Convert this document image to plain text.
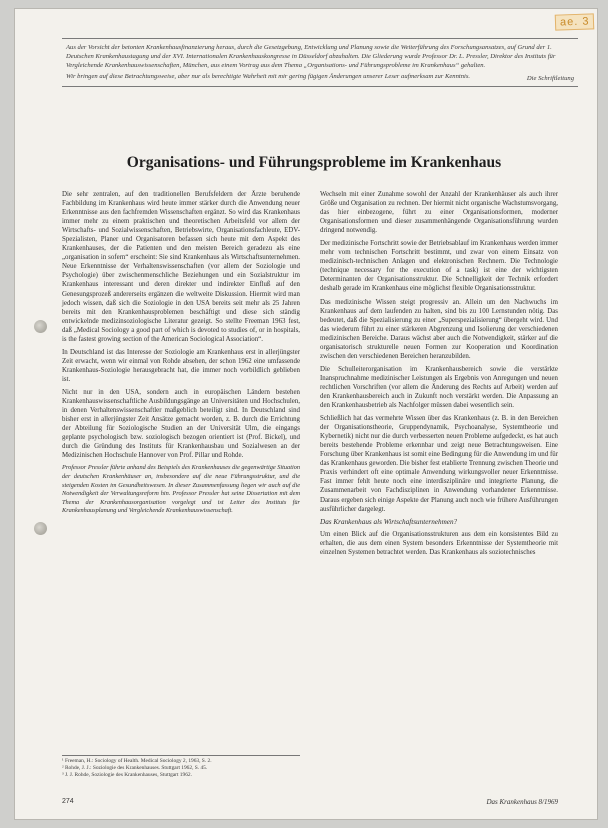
ae. 3

Aus der Vorsicht der betonten Krankenhausfinanzierung heraus, durch die Gesetzgebung, Entwicklung und Planung sowie die Weiterführung des Forschungsansatzes, auf Grund der 1. Deutschen Krankenhaustagung und der XVI. Internationalen Krankenhauskongresse in Düsseldorf abzuhalten. Die Gliederung wurde Professor Dr. L. Pressler, Direktor des Instituts für Vergleichende Krankenhauswissenschaften, München, aus einem Vortrag aus dem Thema „Organisations- und Führungsprobleme im Krankenhaus“ gehalten.

Wir bringen auf diese Betrachtungsweise, aber nur als berechtigte Wahrheit mit mir gering fügigen Änderungen unserer Leser aufmerksam zur Kenntnis.	Die Schriftleitung
Organisations- und Führungsprobleme im Krankenhaus

Die sehr zentralen, auf den traditionellen Berufsfeldern der Ärzte beruhende Fachbildung im Krankenhaus wird heute immer stärker durch die Anwendung neuer Erkenntnisse aus den fachfremden Wissenschaften ergänzt. So wird das Krankenhaus immer mehr zu einem praktischen und theoretischen Arbeitsfeld vor allem der Wirtschafts- und Sozialwissenschaften, Betriebswirte, Organisationsfachleute, EDV-Spezialisten, Planer und Organisatoren befassen sich heute mit dem Aspekt des Krankenhauses, der die Patienten und den meisten Bereich geradezu als eine „organisation in sofern“ erscheint: Sie sind Krankenhaus als Wirtschaftsunternehmen. Neue Erkenntnisse der Verhaltenswissenschaften (vor allem der Soziologie und Psychologie) über zwischenmenschliche Beziehungen und ein Sozialstruktur im Krankenhaus interessant und deren direkter und indirekter Einfluß auf den Genesungsprozeß andererseits ergänzen die weltweite Diskussion. Hiermit wird man jedoch wissen, daß sich die Soziologie in den USA bereits seit mehr als 25 Jahren bereits mit den Krankenhausproblemen beschäftigt und diese sich ständig entwickelnde medizinsoziologische Literatur gezeigt. So stellte Freeman 1963 fest, daß „Medical Sociology a good part of which is devoted to studies of, or in hospitals, is the fastest growing section of the American Sociological Association“.

In Deutschland ist das Interesse der Soziologie am Krankenhaus erst in allerjüngster Zeit erwacht, wenn wir einmal von Rohde absehen, der schon 1962 eine umfassende Krankenhaus-Soziologie herausgebracht hat, die immer noch vorbildlich geblieben ist.

Nicht nur in den USA, sondern auch in europäischen Ländern bestehen Krankenhauswissenschaftliche Ausbildungsgänge an Universitäten und Hochschulen, in denen Verhaltenswissenschaftler maßgeblich beteiligt sind. In Deutschland sind bisher erst in allerjüngster Zeit Ansätze gemacht worden, z. B. durch die Errichtung der Abteilung für Soziologische Studien an der Universität Ulm, die eingangs geplante psychologisch bzw. soziologisch bezogen orientiert ist (Prof. Bickel), und durch die Gründung des Instituts für Krankenhausbau und Sozialwesen an der Medizinischen Hochschule Hannover von Prof. Pillar und Rohde.

Professor Pressler führte anhand des Beispiels des Krankenhauses die gegenwärtige Situation der deutschen Krankenhäuser an, insbesondere auf die neue Führungsstruktur, und die steigenden Kosten im Gesundheitswesen. In dieser Zusammenfassung liegen wir auch auf die Notwendigkeit der Verwaltungsreform hin. Professor Pressler hat seine Dissertation mit dem Thema der Krankenhausorganisation vorgelegt und ist Leiter des Instituts für Krankenhausplanung und Vergleichende Krankenhauswissenschaft.

Wechseln mit einer Zunahme sowohl der Anzahl der Krankenhäuser als auch ihrer Größe und Organisation zu rechnen. Der hiermit nicht organische Wachstumsvorgang, das hier einbezogene, führt zu einer Organisationsformen, moderner Organisationsformen und dieser zusammenhängende Organisationsführung wurden dringend notwendig.

Der medizinische Fortschritt sowie der Betriebsablauf im Krankenhaus werden immer mehr vom technischen Fortschritt bestimmt, und zwar von einem Einsatz von medizinisch-technischen Anlagen und elektronischen Rechnern. Die Technologie (technique necessary for the execution of a task) ist eine der wichtigsten Determinanten der Organisationsstruktur. Die Schnelligkeit der Technik erfordert deshalb gerade im Krankenhaus eine möglichst flexible Organisationsstruktur.

Das medizinische Wissen steigt progressiv an. Allein um den Nachwuchs im Krankenhaus auf dem laufenden zu halten, sind bis zu 100 Lernstunden nötig. Das bedeutet, daß die Spezialisierung zu einer „Superspezialisierung“ übergeht wird. Und das wiederum führt zu einer stärkeren Abgrenzung und Isolierung der verschiedenen medizinischen Bereiche. Daraus wächst aber auch die Notwendigkeit, stärker auf die organisatorisch strukturelle neuen Formen zur Kooperation und Koordination zwischen den verschiedenen Bereichen heranzubilden.

Die Schulleiterorganisation im Krankenhausbereich sowie die verstärkte Inanspruchnahme medizinischer Leistungen als Ergebnis von Anregungen und neuen rechtlichen Vorschriften (vor allem die Änderung des Rechts auf Arbeit) werden auf den Krankenhausbereich auch in Zukunft noch verstärkt werden. Die Anpassung an den Krankenhausbetrieb als Nachfolger müssen dabei wesentlich sein.

Schließlich hat das vermehrte Wissen über das Krankenhaus (z. B. in den Bereichen der Organisationstheorie, Gruppendynamik, Psychoanalyse, Systemtheorie und Kybernetik) nicht nur die durch verbesserten neuen Probleme aufgedeckt, es hat auch bereits bestehende Probleme erkennbar und zeigt neue Betrachtungsweisen. Eine Forschung über Krankenhaus ist somit eine Bedingung für die Anwendung im und für das Krankenhaus geworden. Die bisher fest etablierte Trennung zwischen Theorie und Praxis verhindert oft eine optimale Anwendung wirkungsvoller neuer Erkenntnisse. Fast immer fehlt heute noch eine interdisziplinäre und integrierte Planung, die Zusammenarbeit von Fachdisziplinen in Anwendung vorhandener Erkenntnisse. Daraus ergeben sich einige Aspekte der Planung auch noch wie frühere Ausführungen ausführlicher dargelegt.

Das Krankenhaus als Wirtschaftsunternehmen?

Um einen Blick auf die Organisationsstrukturen aus dem ein konsistentes Bild zu erhalten, die aus dem einen System besonders Erkenntnisse der Systemtheorie mit einzelnen Systemen betrachtet werden. Das Krankenhaus als soziotechnisches

¹ Freeman, H.: Sociology of Health. Medical Sociology 2, 1963, S. 2.

² Rohde, J. J.: Soziologie des Krankenhauses. Stuttgart 1962, S. 45.

³ J. J. Rohde, Soziologie des Krankenhauses, Stuttgart 1962.

274	Das Krankenhaus 8/1969
